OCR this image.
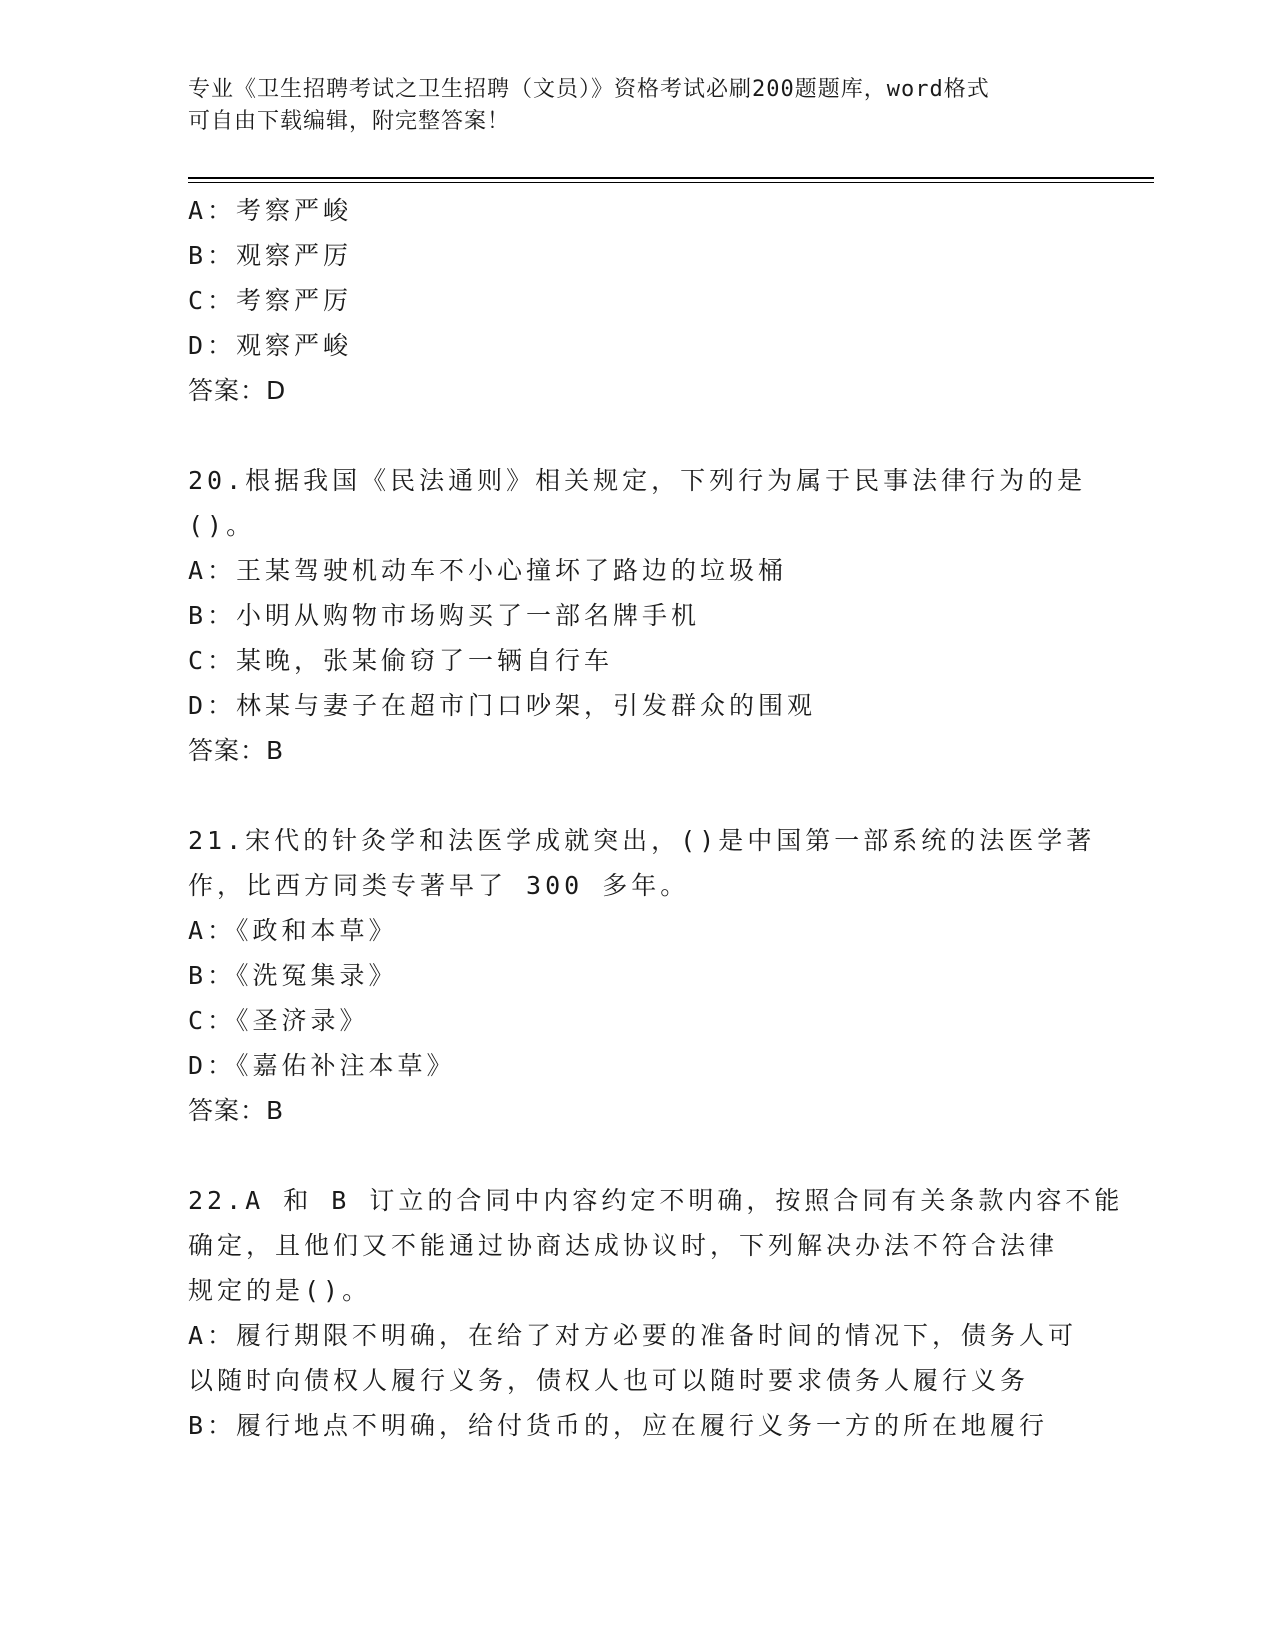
专业《卫生招聘考试之卫生招聘（文员）》资格考试必刷200题题库，word格式
可自由下载编辑，附完整答案！
A：考察严峻
B：观察严厉
C：考察严厉
D：观察严峻
答案：D
20.根据我国《民法通则》相关规定，下列行为属于民事法律行为的是
()。
A：王某驾驶机动车不小心撞坏了路边的垃圾桶
B：小明从购物市场购买了一部名牌手机
C：某晚，张某偷窃了一辆自行车
D：林某与妻子在超市门口吵架，引发群众的围观
答案：B
21.宋代的针灸学和法医学成就突出，()是中国第一部系统的法医学著
作，比西方同类专著早了 300 多年。
A：《政和本草》
B：《洗冤集录》
C：《圣济录》
D：《嘉佑补注本草》
答案：B
22.A 和 B 订立的合同中内容约定不明确，按照合同有关条款内容不能
确定，且他们又不能通过协商达成协议时，下列解决办法不符合法律
规定的是()。
A：履行期限不明确，在给了对方必要的准备时间的情况下，债务人可
以随时向债权人履行义务，债权人也可以随时要求债务人履行义务
B：履行地点不明确，给付货币的，应在履行义务一方的所在地履行
